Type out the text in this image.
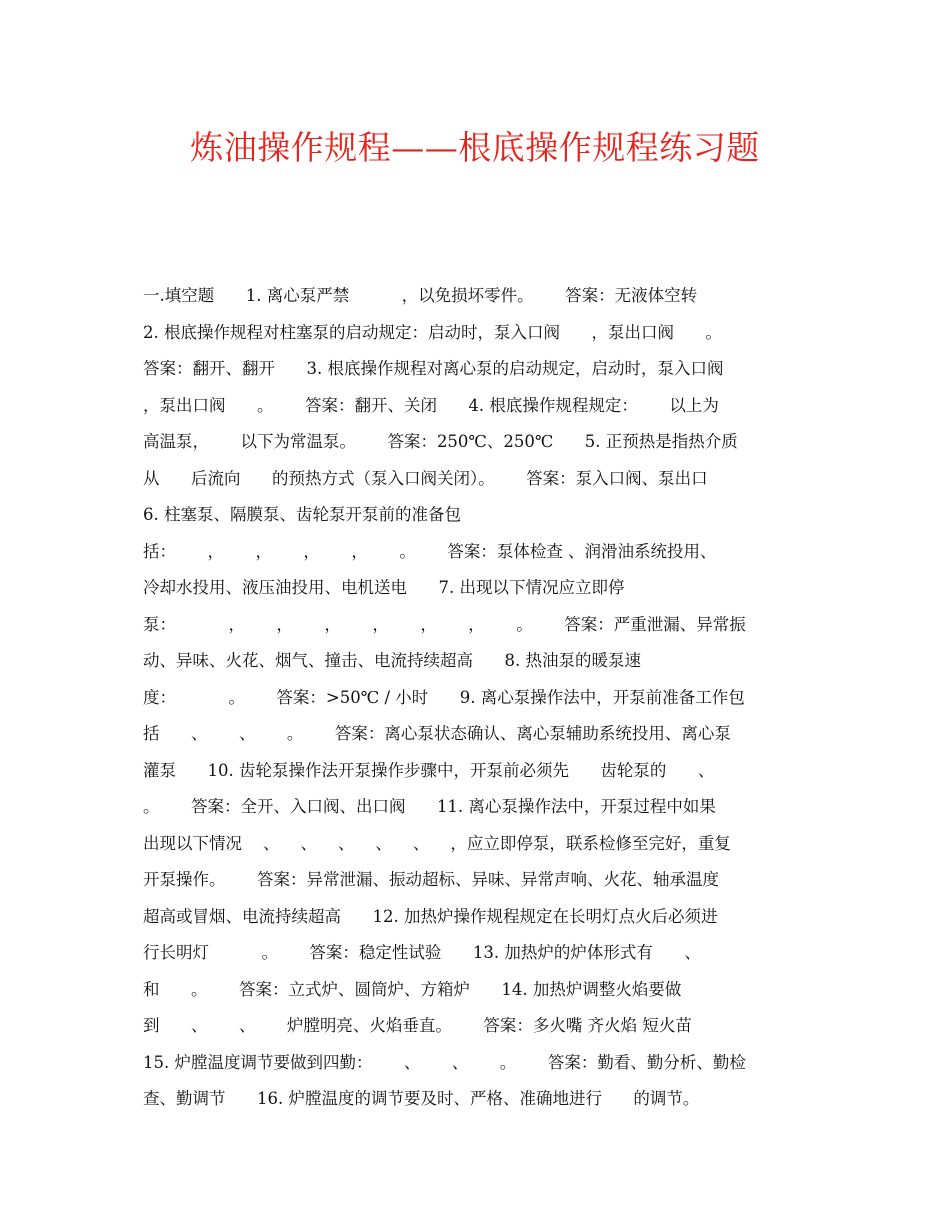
炼油操作规程——根底操作规程练习题
一.填空题      1. 离心泵严禁          ，以免损坏零件。      答案：无液体空转
2. 根底操作规程对柱塞泵的启动规定：启动时，泵入口阀      ，泵出口阀      。
答案：翻开、翻开      3. 根底操作规程对离心泵的启动规定，启动时，泵入口阀
，泵出口阀      。      答案：翻开、关闭      4. 根底操作规程规定：      以上为
高温泵，      以下为常温泵。      答案：250℃、250℃      5. 正预热是指热介质
从      后流向      的预热方式（泵入口阀关闭）。      答案：泵入口阀、泵出口
6. 柱塞泵、隔膜泵、齿轮泵开泵前的准备包
括：      ，      ，      ，      ，      。      答案：泵体检查 、润滑油系统投用、
冷却水投用、液压油投用、电机送电      7. 出现以下情况应立即停
泵：          ，      ，      ，      ，      ，      ，      。      答案：严重泄漏、异常振
动、异味、火花、烟气、撞击、电流持续超高      8. 热油泵的暖泵速
度：          。      答案：>50℃ / 小时      9. 离心泵操作法中，开泵前准备工作包
括      、      、      。      答案：离心泵状态确认、离心泵辅助系统投用、离心泵
灌泵      10. 齿轮泵操作法开泵操作步骤中，开泵前必须先      齿轮泵的      、
。      答案：全开、入口阀、出口阀      11. 离心泵操作法中，开泵过程中如果
出现以下情况    、    、    、    、    、    ，应立即停泵，联系检修至完好，重复
开泵操作。      答案：异常泄漏、振动超标、异味、异常声响、火花、轴承温度
超高或冒烟、电流持续超高      12. 加热炉操作规程规定在长明灯点火后必须进
行长明灯          。      答案：稳定性试验      13. 加热炉的炉体形式有      、
和      。      答案：立式炉、圆筒炉、方箱炉      14. 加热炉调整火焰要做
到      、      、      炉膛明亮、火焰垂直。      答案：多火嘴 齐火焰 短火苗
15. 炉膛温度调节要做到四勤：      、      、      。      答案：勤看、勤分析、勤检
查、勤调节      16. 炉膛温度的调节要及时、严格、准确地进行      的调节。
